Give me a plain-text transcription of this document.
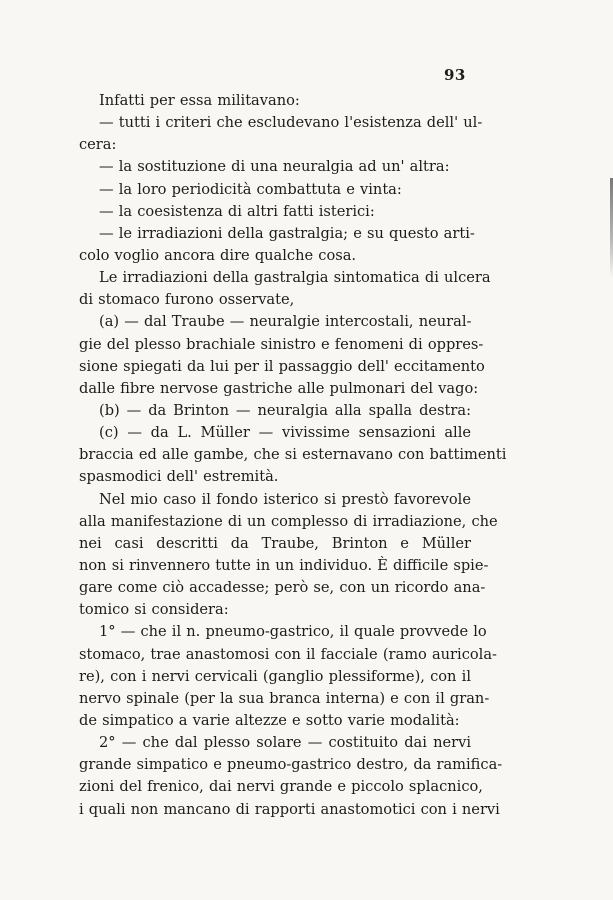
93
Infatti per essa militavano:
— tutti i criteri che escludevano l'esistenza dell' ul-
cera:
— la sostituzione di una neuralgia ad un' altra:
— la loro periodicità combattuta e vinta:
— la coesistenza di altri fatti isterici:
— le irradiazioni della gastralgia; e su questo arti-
colo voglio ancora dire qualche cosa.
Le irradiazioni della gastralgia sintomatica di ulcera
di stomaco furono osservate,
(a) — dal Traube — neuralgie intercostali, neural-
gie del plesso brachiale sinistro e fenomeni di oppres-
sione spiegati da lui per il passaggio dell' eccitamento
dalle fibre nervose gastriche alle pulmonari del vago:
(b) — da Brinton — neuralgia alla spalla destra:
(c) — da L. Müller — vivissime sensazioni alle
braccia ed alle gambe, che si esternavano con battimenti
spasmodici dell' estremità.
Nel mio caso il fondo isterico si prestò favorevole
alla manifestazione di un complesso di irradiazione, che
nei casi descritti da Traube, Brinton e Müller
non si rinvennero tutte in un individuo. È difficile spie-
gare come ciò accadesse; però se, con un ricordo ana-
tomico si considera:
1° — che il n. pneumo-gastrico, il quale provvede lo
stomaco, trae anastomosi con il facciale (ramo auricola-
re), con i nervi cervicali (ganglio plessiforme), con il
nervo spinale (per la sua branca interna) e con il gran-
de simpatico a varie altezze e sotto varie modalità:
2° — che dal plesso solare — costituito dai nervi
grande simpatico e pneumo-gastrico destro, da ramifica-
zioni del frenico, dai nervi grande e piccolo splacnico,
i quali non mancano di rapporti anastomotici con i nervi
